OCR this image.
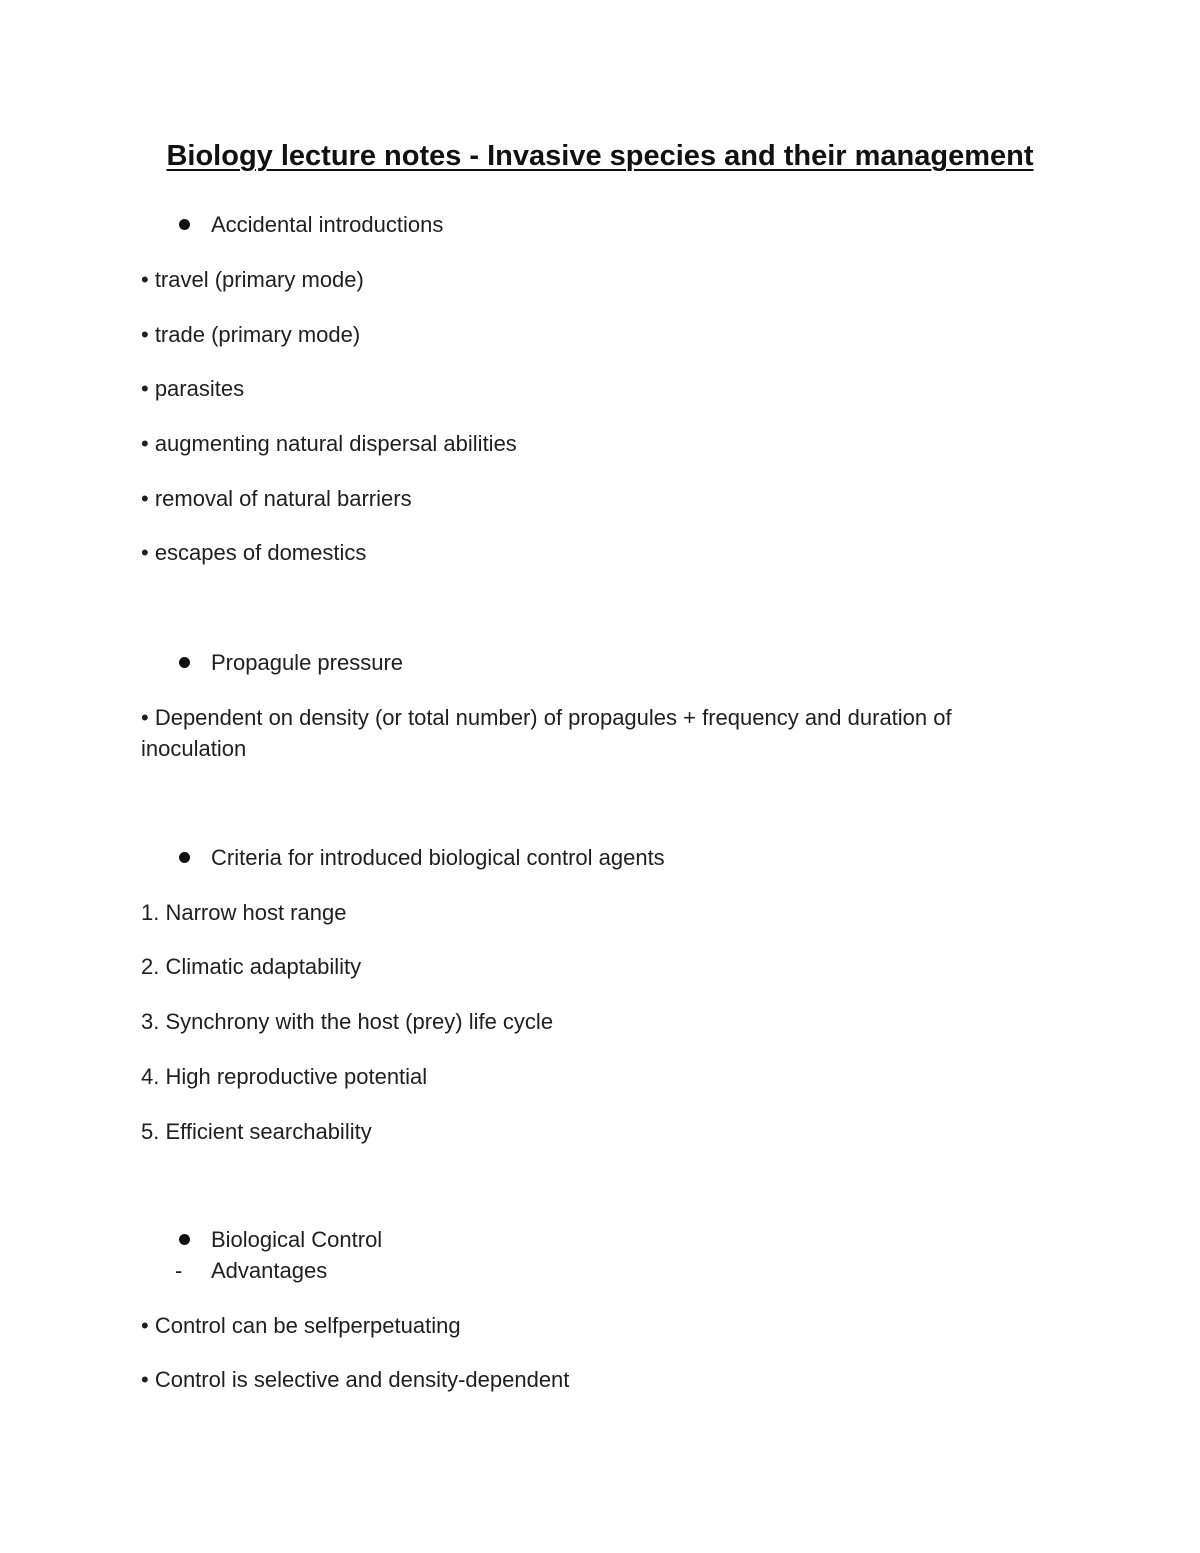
Biology lecture notes - Invasive species and their management
Accidental introductions

• travel (primary mode)

• trade (primary mode)

• parasites

• augmenting natural dispersal abilities

• removal of natural barriers

• escapes of domestics

Propagule pressure

• Dependent on density (or total number) of propagules + frequency and duration of inoculation

Criteria for introduced biological control agents

1. Narrow host range

2. Climatic adaptability

3. Synchrony with the host (prey) life cycle

4. High reproductive potential

5. Efficient searchability

Biological Control
-	Advantages

• Control can be selfperpetuating

• Control is selective and density-dependent
